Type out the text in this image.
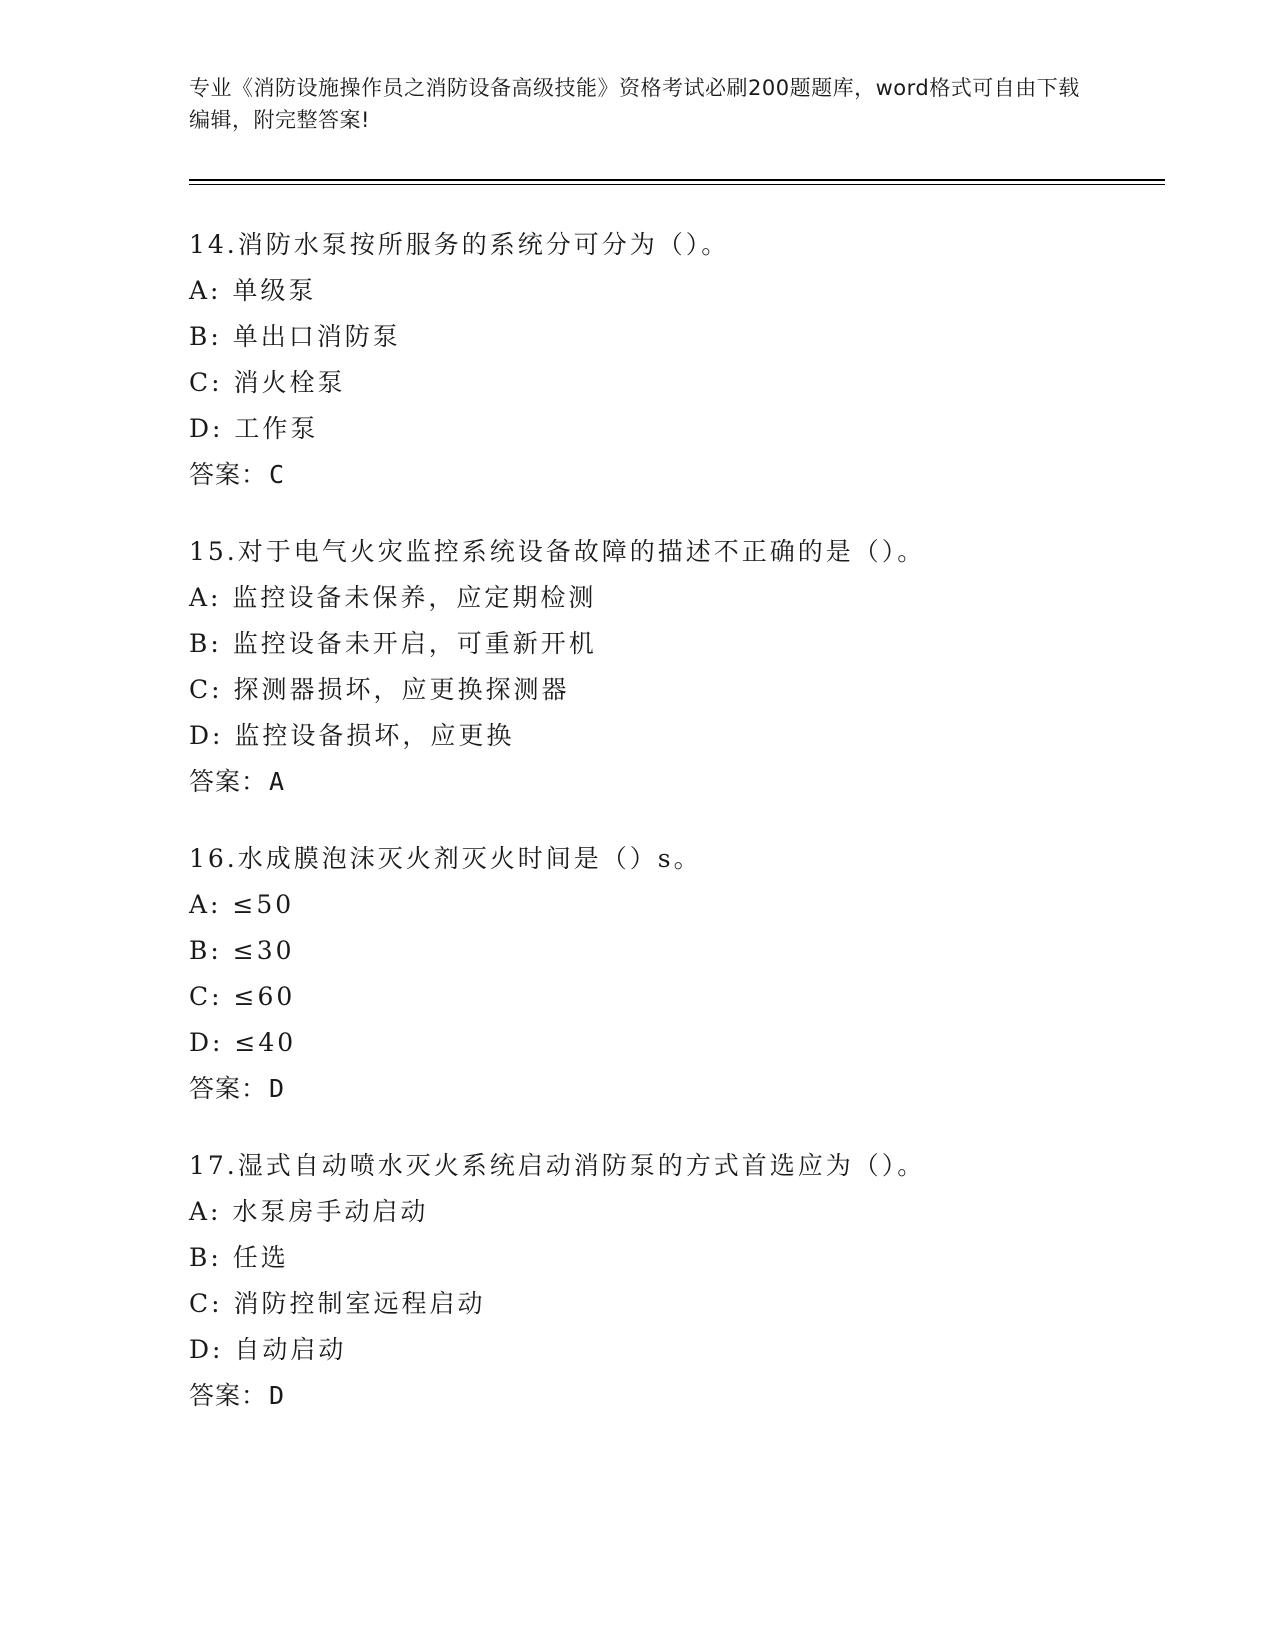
专业《消防设施操作员之消防设备高级技能》资格考试必刷200题题库，word格式可自由下载编辑，附完整答案!
14.消防水泵按所服务的系统分可分为（）。
A: 单级泵
B: 单出口消防泵
C: 消火栓泵
D: 工作泵
答案：C
15.对于电气火灾监控系统设备故障的描述不正确的是（）。
A: 监控设备未保养，应定期检测
B: 监控设备未开启，可重新开机
C: 探测器损坏，应更换探测器
D: 监控设备损坏，应更换
答案：A
16.水成膜泡沫灭火剂灭火时间是（）s。
A: ≤50
B: ≤30
C: ≤60
D: ≤40
答案：D
17.湿式自动喷水灭火系统启动消防泵的方式首选应为（）。
A: 水泵房手动启动
B: 任选
C: 消防控制室远程启动
D: 自动启动
答案：D
